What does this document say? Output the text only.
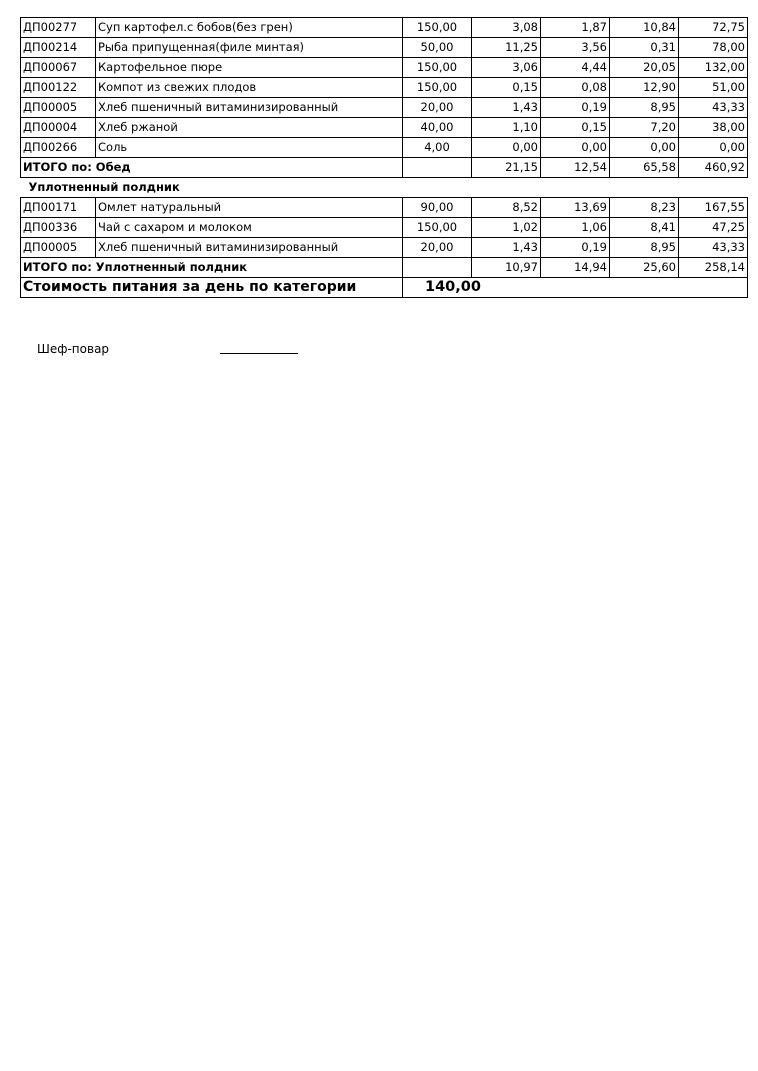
ДП00277	Суп картофел.с бобов(без грен)	150,00	3,08	1,87	10,84	72,75
ДП00214	Рыба припущенная(филе минтая)	50,00	11,25	3,56	0,31	78,00
ДП00067	Картофельное пюре	150,00	3,06	4,44	20,05	132,00
ДП00122	Компот из свежих плодов	150,00	0,15	0,08	12,90	51,00
ДП00005	Хлеб пшеничный витаминизированный	20,00	1,43	0,19	8,95	43,33
ДП00004	Хлеб ржаной	40,00	1,10	0,15	7,20	38,00
ДП00266	Соль	4,00	0,00	0,00	0,00	0,00
ИТОГО по: Обед			21,15	12,54	65,58	460,92
Уплотненный полдник						
ДП00171	Омлет натуральный	90,00	8,52	13,69	8,23	167,55
ДП00336	Чай с сахаром и молоком	150,00	1,02	1,06	8,41	47,25
ДП00005	Хлеб пшеничный витаминизированный	20,00	1,43	0,19	8,95	43,33
ИТОГО по: Уплотненный полдник			10,97	14,94	25,60	258,14
Стоимость питания за день по категории		140,00				
Шеф-повар
